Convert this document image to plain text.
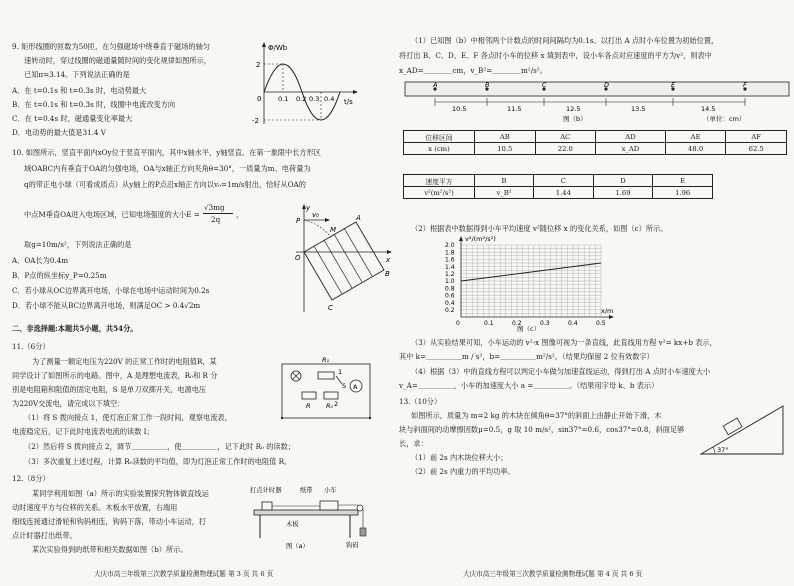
9. 矩形线圈的匝数为50匝，在匀强磁场中绕垂直于磁场的轴匀
速转动时，穿过线圈的磁通量随时间的变化规律如图所示，
已知π=3.14。下列说法正确的是
A．在 t=0.1s 和 t=0.3s 时，电动势最大
B．在 t=0.1s 和 t=0.3s 时，线圈中电流改变方向
C．在 t=0.4s 时，磁通量变化率最大
D．电动势的最大值是31.4 V
Φ/Wb
2
-2
0	0.1 0.2 0.3 0.4 t/s
10. 如图所示，竖直平面内xOy位于竖直平面内，其中x轴水平，y轴竖直。在第一象限中长方形区
域OABC内有垂直于OA的匀强电场，OA与x轴正方向夹角θ=30°，一质量为m、电荷量为
q的带正电小球（可看成质点）从y轴上的P点沿x轴正方向以v₀=1m/s射出，恰好从OA的
中点M垂直OA进入电场区域，已知电场强度的大小E =
√3mg
2q
，
取g=10m/s²，下列说法正确的是
A．OA长为0.4m
B．P点的纵坐标y_P=0.25m
C．若小球从OC边界离开电场，小球在电场中运动时间为0.2s
D．若小球不能从BC边界离开电场，则满足OC > 0.4√2m
y
x
O
A
B
C
M
P
v₀
二、非选择题:本题共5小题，共54分。
11.（6分）
为了测量一额定电压为220V 的正常工作时的电阻值R，某
同学设计了如图所示的电路。图中，A 是理想电流表，R₀和 R 分
别是电阻箱和阻值的固定电阻，S 是单刀双掷开关，电源电压
为220V交流电，请完成以下填空：
（1）将 S 拨向接点 1，使灯泡正常工作一段时间，观察电流表，
电流稳定后，记下此时电流表电流的读数 I；
（2）然后将 S 拨向接点 2，调节＿＿＿＿＿，使＿＿＿＿＿，记下此时 R₀ 的读数；
（3）多次重复上述过程，计算 R₀读数的平均值，即为灯泡正常工作时的电阻值 R。
R₁
1
S
2
A
R R₀
12.（8分）
某同学利用如图（a）所示的实验装置探究物体做直线运
动时速度平方与位移的关系。木板水平放置，右端用
细线连接通过滑轮和钩码相连，钩码下落，带动小车运动，打
点计时器打出纸带。
某次实验得到的纸带和相关数据如图（b）所示。
打点计时器	纸带 小车
木板
钩码
图（a）
大庆市高三年级第三次教学质量检测物理试题 第 3 页 共 6 页
（1）已知图（b）中相邻两个计数点的时间间隔均为0.1s。以打出 A 点时小车位置为初始位置，
将打出 B、C、D、E、F 各点时小车的位移 x 填到表中，设小车各点对应速度的平方为v²，则表中
x_AD=＿＿＿＿cm，v_B²=＿＿＿＿m²/s²。
A	B	C	D	E	F
10.5	11.5	12.5	13.5	14.5
图（b）	（单位：cm）
位移区间	AB	AC	AD	AE	AF
x (cm)	10.5	22.0	x_AD	48.0	62.5
速度平方	B	C	D	E
v²(m²/s²)	v_B²	1.44	1.69	1.96
（2）根据表中数据得到小车平均速度 v²随位移 x 的变化关系，如图（c）所示。
v²/(m²/s²)
x/m
2.0
1.8
1.6
1.4
1.2
1.0
0.8
0.6
0.4
0.2
0	0.1	0.2	0.3	0.4	0.5
图（c）
（3）从实验结果可知，小车运动的 v²-x 图像可视为一条直线，此直线用方程 v²= kx+b 表示，
其中 k=＿＿＿＿＿m / s²，b=＿＿＿＿＿m²/s²。（结果均保留 2 位有效数字）
（4）根据（3）中的直线方程可以判定小车做匀加速直线运动，得到打出 A 点时小车速度大小
v_A=＿＿＿＿＿，小车的加速度大小 a =＿＿＿＿＿。（结果用字母 k、b 表示）
13.（10分）
如图所示，质量为 m=2 kg 的木块在倾角θ=37°的斜面上由静止开始下滑，木
块与斜面间的动摩擦因数μ=0.5，g 取 10 m/s²，sin37°=0.6，cos37°=0.8，斜面足够
长，求：
（1）前 2s 内木块位移大小；
（2）前 2s 内重力的平均功率。
37°
大庆市高三年级第三次教学质量检测物理试题 第 4 页 共 6 页
